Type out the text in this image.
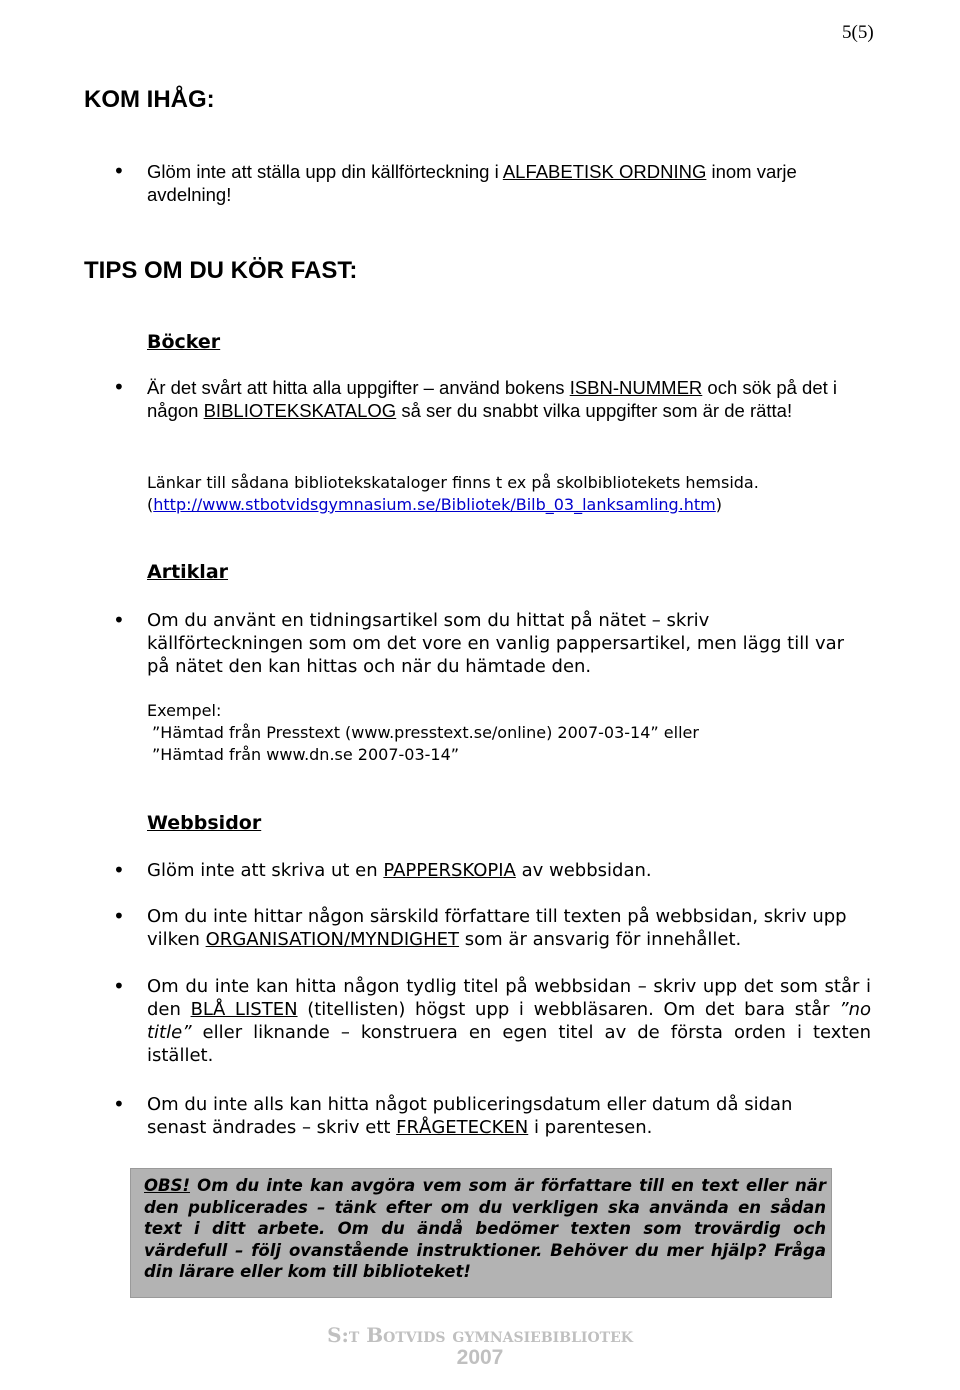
5(5)
KOM IHÅG:
• Glöm inte att ställa upp din källförteckning i ALFABETISK ORDNING inom varje avdelning!
TIPS OM DU KÖR FAST:
Böcker
• Är det svårt att hitta alla uppgifter – använd bokens ISBN-NUMMER och sök på det i någon BIBLIOTEKSKATALOG så ser du snabbt vilka uppgifter som är de rätta!
Länkar till sådana bibliotekskataloger finns t ex på skolbibliotekets hemsida.
(http://www.stbotvidsgymnasium.se/Bibliotek/Bilb_03_lanksamling.htm)
Artiklar
• Om du använt en tidningsartikel som du hittat på nätet – skriv källförteckningen som om det vore en vanlig pappersartikel, men lägg till var på nätet den kan hittas och när du hämtade den.
Exempel:
”Hämtad från Presstext (www.presstext.se/online) 2007-03-14” eller
”Hämtad från www.dn.se 2007-03-14”
Webbsidor
• Glöm inte att skriva ut en PAPPERSKOPIA av webbsidan.
• Om du inte hittar någon särskild författare till texten på webbsidan, skriv upp vilken ORGANISATION/MYNDIGHET som är ansvarig för innehållet.
• Om du inte kan hitta någon tydlig titel på webbsidan – skriv upp det som står i den BLÅ LISTEN (titellisten) högst upp i webbläsaren. Om det bara står ”no title” eller liknande – konstruera en egen titel av de första orden i texten istället.
• Om du inte alls kan hitta något publiceringsdatum eller datum då sidan senast ändrades – skriv ett FRÅGETECKEN i parentesen.
OBS! Om du inte kan avgöra vem som är författare till en text eller när den publicerades – tänk efter om du verkligen ska använda en sådan text i ditt arbete. Om du ändå bedömer texten som trovärdig och värdefull – följ ovanstående instruktioner. Behöver du mer hjälp? Fråga din lärare eller kom till biblioteket!
S:t Botvids gymnasiebibliotek
2007
